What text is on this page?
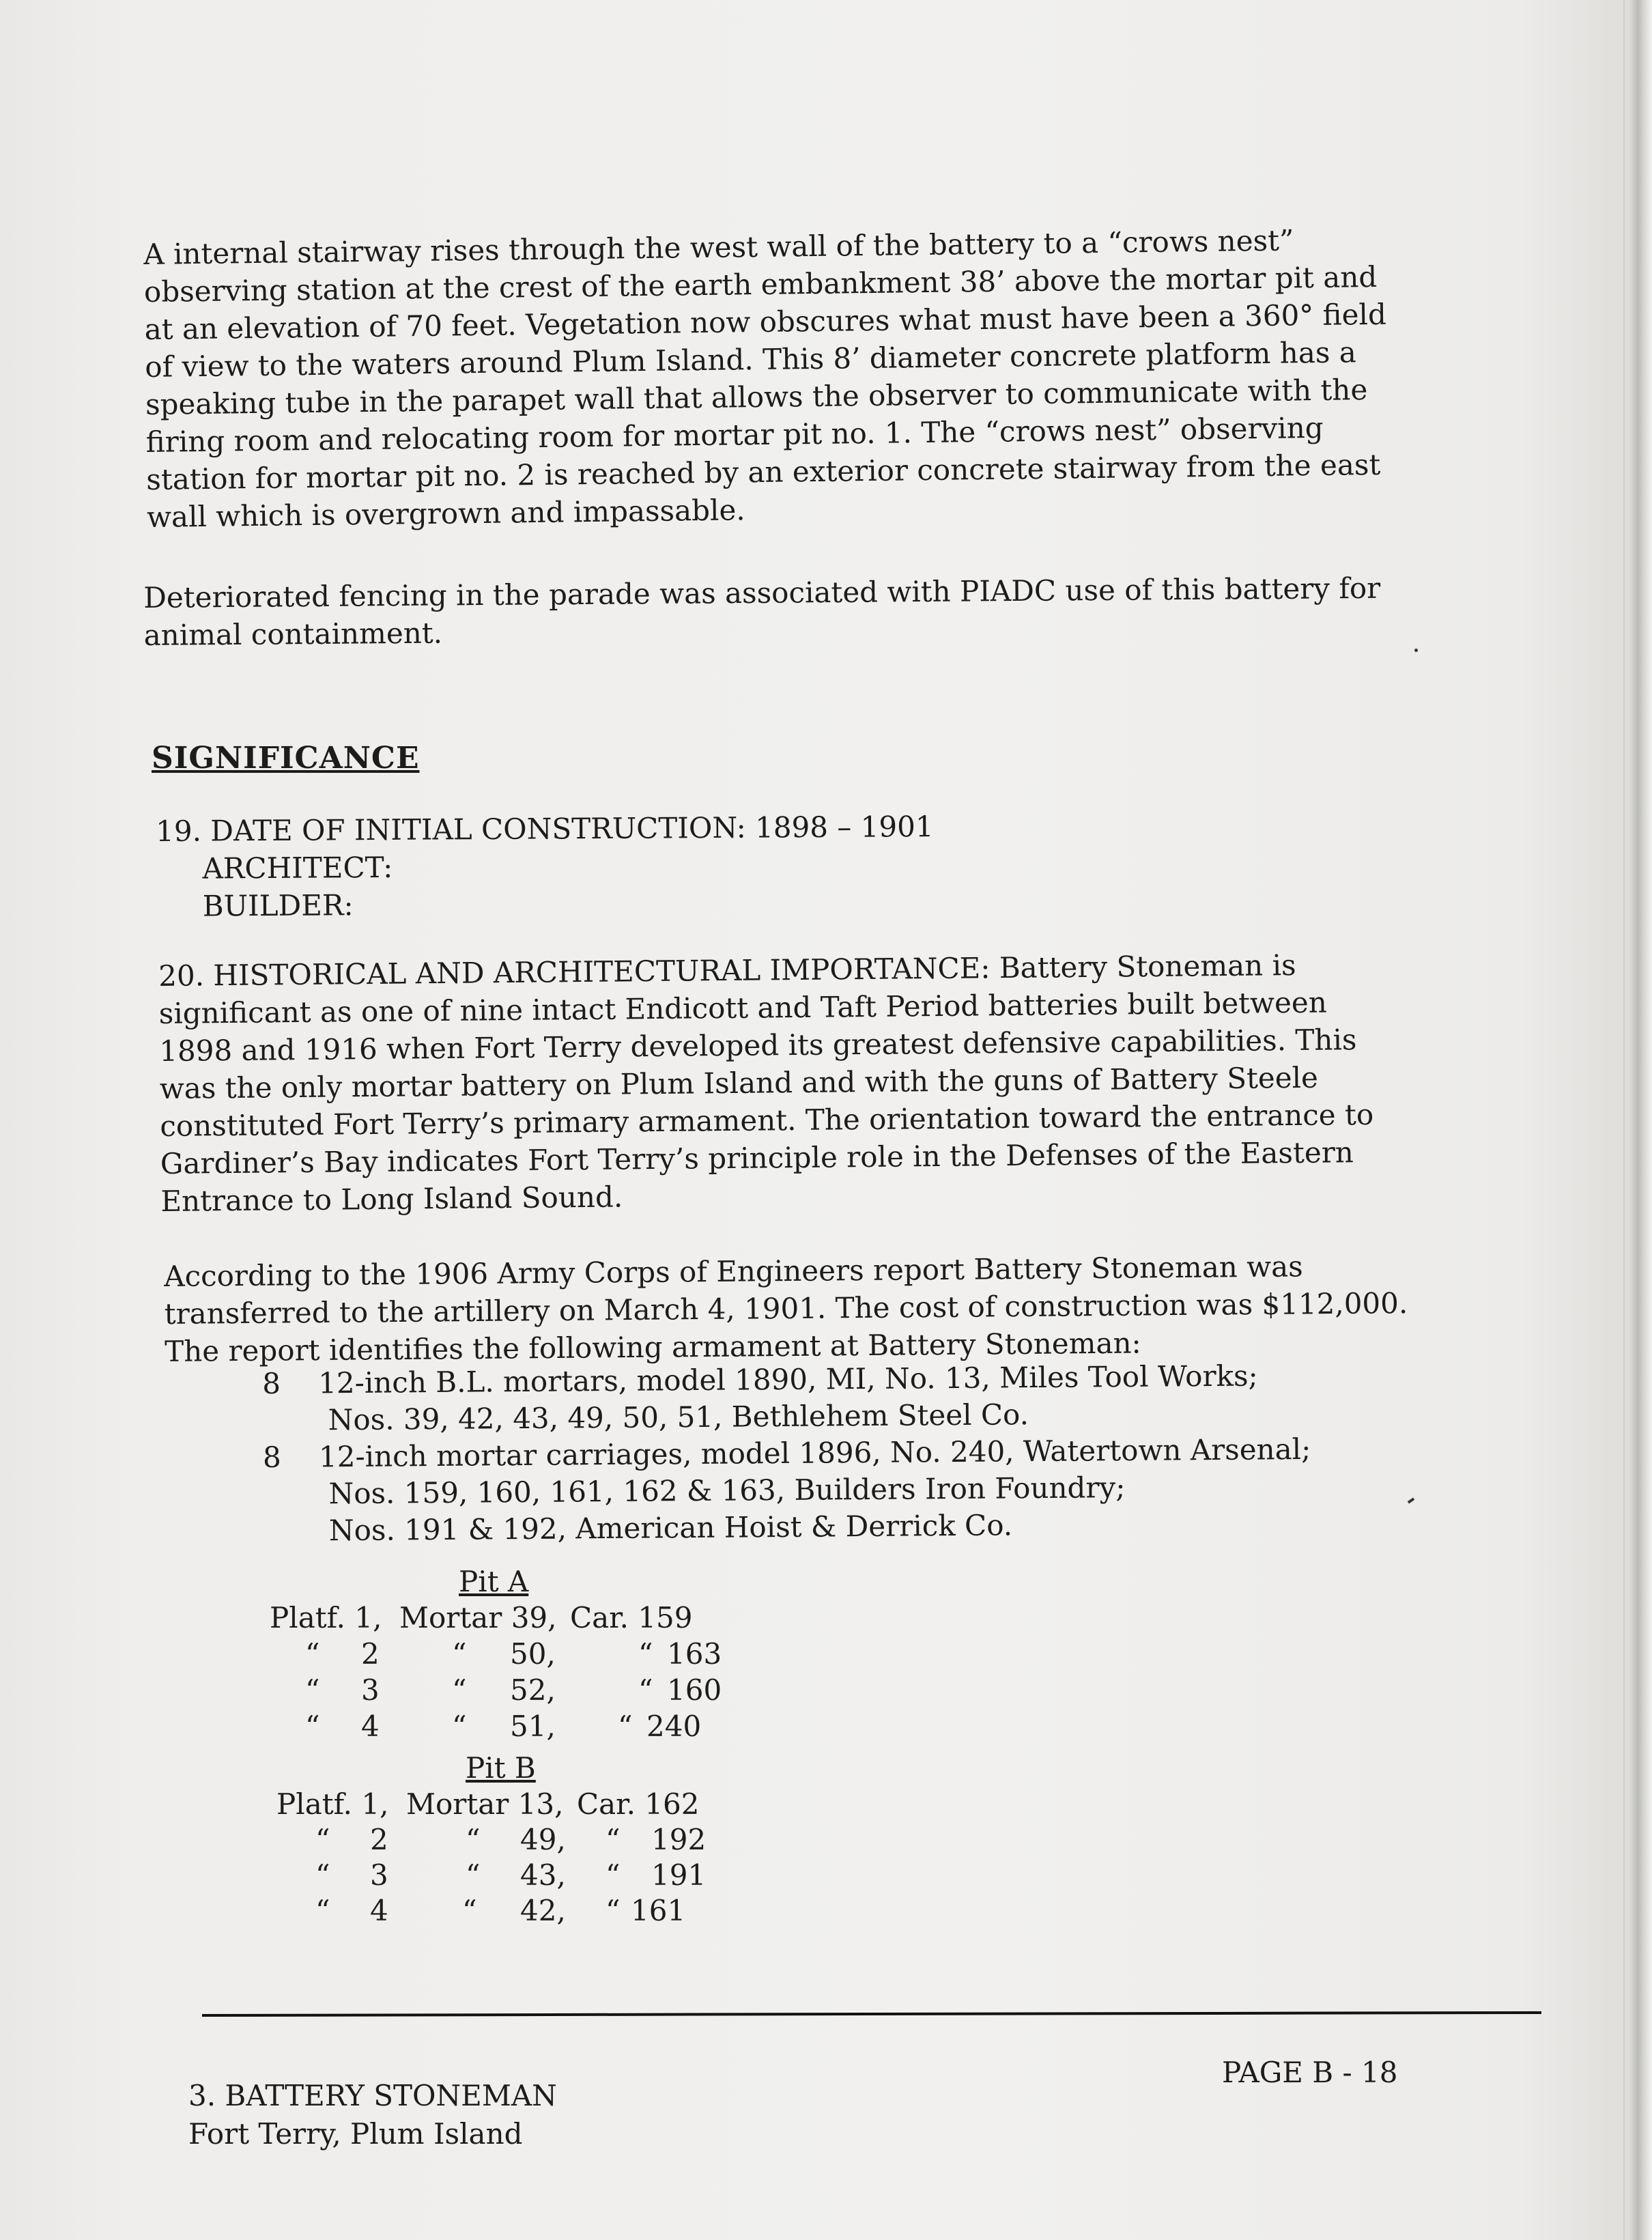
A internal stairway rises through the west wall of the battery to a “crows nest”
observing station at the crest of the earth embankment 38’ above the mortar pit and
at an elevation of 70 feet. Vegetation now obscures what must have been a 360° field
of view to the waters around Plum Island. This 8’ diameter concrete platform has a
speaking tube in the parapet wall that allows the observer to communicate with the
firing room and relocating room for mortar pit no. 1. The “crows nest” observing
station for mortar pit no. 2 is reached by an exterior concrete stairway from the east
wall which is overgrown and impassable.
Deteriorated fencing in the parade was associated with PIADC use of this battery for
animal containment.
SIGNIFICANCE
19. DATE OF INITIAL CONSTRUCTION: 1898 – 1901
ARCHITECT:
BUILDER:
20. HISTORICAL AND ARCHITECTURAL IMPORTANCE: Battery Stoneman is
significant as one of nine intact Endicott and Taft Period batteries built between
1898 and 1916 when Fort Terry developed its greatest defensive capabilities. This
was the only mortar battery on Plum Island and with the guns of Battery Steele
constituted Fort Terry’s primary armament. The orientation toward the entrance to
Gardiner’s Bay indicates Fort Terry’s principle role in the Defenses of the Eastern
Entrance to Long Island Sound.
According to the 1906 Army Corps of Engineers report Battery Stoneman was
transferred to the artillery on March 4, 1901. The cost of construction was $112,000.
The report identifies the following armament at Battery Stoneman:
8 12-inch B.L. mortars, model 1890, MI, No. 13, Miles Tool Works;
Nos. 39, 42, 43, 49, 50, 51, Bethlehem Steel Co.
8 12-inch mortar carriages, model 1896, No. 240, Watertown Arsenal;
Nos. 159, 160, 161, 162 & 163, Builders Iron Foundry;
Nos. 191 & 192, American Hoist & Derrick Co.
Pit A
Platf. 1, Mortar 39, Car. 159
“ 2	“ 50,	“ 163
“ 3	“ 52,	“ 160
“ 4	“ 51, “ 240
Pit B
Platf. 1, Mortar 13, Car. 162
“ 2	“ 49, “ 192
“ 3	“ 43, “ 191
“ 4	“ 42, “ 161
3. BATTERY STONEMAN
Fort Terry, Plum Island
PAGE B - 18
